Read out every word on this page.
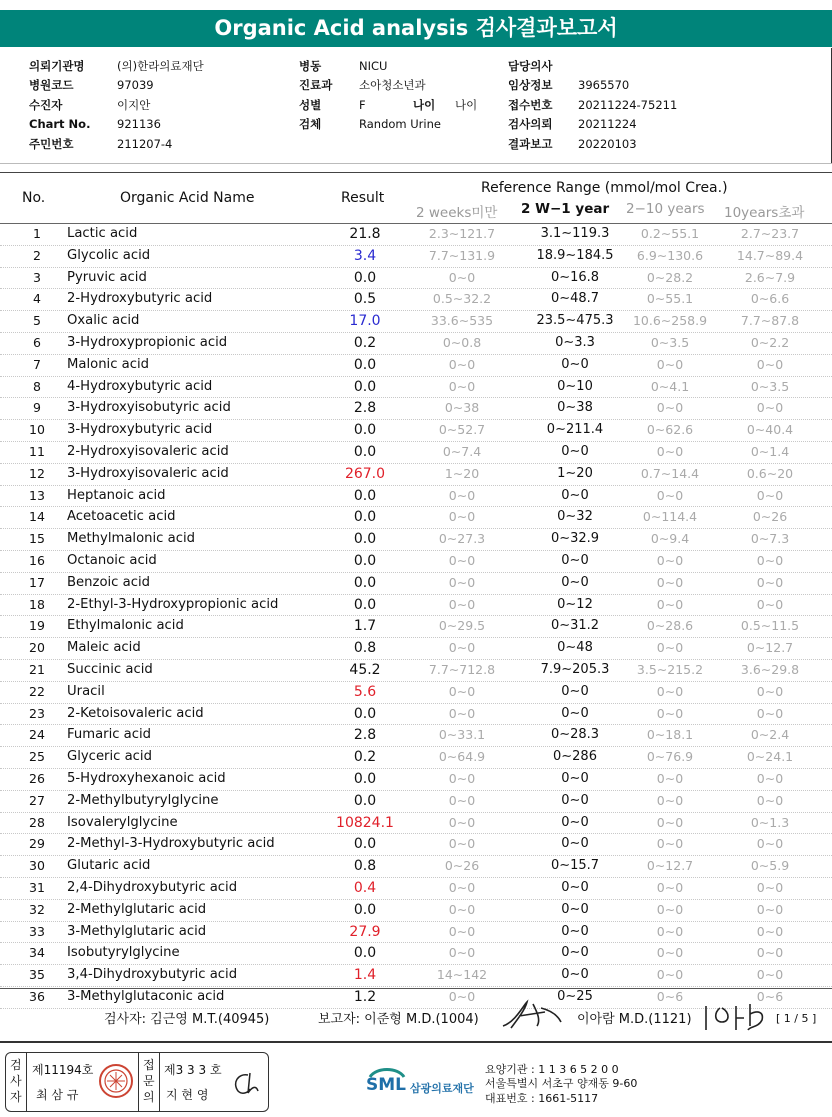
Organic Acid analysis 검사결과보고서
의뢰기관명	(의)한라의료재단
병원코드	97039
수진자	이지안
Chart No.	921136
주민번호	211207-4
병동	NICU
진료과	소아청소년과
성별	F	나이	나이
검체	Random Urine
담당의사
임상정보	3965570
접수번호	20211224-75211
검사의뢰	20211224
결과보고	20220103
No.	Organic Acid Name	Result
Reference Range (mmol/mol Crea.)
2 weeks미만 2 W−1 year 2−10 years 10years초과
1	Lactic acid	21.8	2.3∼121.7	3.1∼119.3	0.2∼55.1	2.7∼23.7
2	Glycolic acid	3.4	7.7∼131.9	18.9∼184.5	6.9∼130.6	14.7∼89.4
3	Pyruvic acid	0.0	0∼0	0∼16.8	0∼28.2	2.6∼7.9
4	2-Hydroxybutyric acid	0.5	0.5∼32.2	0∼48.7	0∼55.1	0∼6.6
5	Oxalic acid	17.0	33.6∼535	23.5∼475.3	10.6∼258.9	7.7∼87.8
6	3-Hydroxypropionic acid	0.2	0∼0.8	0∼3.3	0∼3.5	0∼2.2
7	Malonic acid	0.0	0∼0	0∼0	0∼0	0∼0
8	4-Hydroxybutyric acid	0.0	0∼0	0∼10	0∼4.1	0∼3.5
9	3-Hydroxyisobutyric acid	2.8	0∼38	0∼38	0∼0	0∼0
10 3-Hydroxybutyric acid	0.0	0∼52.7	0∼211.4	0∼62.6	0∼40.4
11 2-Hydroxyisovaleric acid	0.0	0∼7.4	0∼0	0∼0	0∼1.4
12 3-Hydroxyisovaleric acid	267.0	1∼20	1∼20	0.7∼14.4	0.6∼20
13 Heptanoic acid	0.0	0∼0	0∼0	0∼0	0∼0
14 Acetoacetic acid	0.0	0∼0	0∼32	0∼114.4	0∼26
15 Methylmalonic acid	0.0	0∼27.3	0∼32.9	0∼9.4	0∼7.3
16 Octanoic acid	0.0	0∼0	0∼0	0∼0	0∼0
17 Benzoic acid	0.0	0∼0	0∼0	0∼0	0∼0
18 2-Ethyl-3-Hydroxypropionic acid	0.0	0∼0	0∼12	0∼0	0∼0
19 Ethylmalonic acid	1.7	0∼29.5	0∼31.2	0∼28.6	0.5∼11.5
20 Maleic acid	0.8	0∼0	0∼48	0∼0	0∼12.7
21 Succinic acid	45.2	7.7∼712.8	7.9∼205.3	3.5∼215.2	3.6∼29.8
22 Uracil	5.6	0∼0	0∼0	0∼0	0∼0
23 2-Ketoisovaleric acid	0.0	0∼0	0∼0	0∼0	0∼0
24 Fumaric acid	2.8	0∼33.1	0∼28.3	0∼18.1	0∼2.4
25 Glyceric acid	0.2	0∼64.9	0∼286	0∼76.9	0∼24.1
26 5-Hydroxyhexanoic acid	0.0	0∼0	0∼0	0∼0	0∼0
27 2-Methylbutyrylglycine	0.0	0∼0	0∼0	0∼0	0∼0
28 Isovalerylglycine	10824.1	0∼0	0∼0	0∼0	0∼1.3
29 2-Methyl-3-Hydroxybutyric acid	0.0	0∼0	0∼0	0∼0	0∼0
30 Glutaric acid	0.8	0∼26	0∼15.7	0∼12.7	0∼5.9
31 2,4-Dihydroxybutyric acid	0.4	0∼0	0∼0	0∼0	0∼0
32 2-Methylglutaric acid	0.0	0∼0	0∼0	0∼0	0∼0
33 3-Methylglutaric acid	27.9	0∼0	0∼0	0∼0	0∼0
34 Isobutyrylglycine	0.0	0∼0	0∼0	0∼0	0∼0
35 3,4-Dihydroxybutyric acid	1.4	14∼142	0∼0	0∼0	0∼0
36 3-Methylglutaconic acid	1.2	0∼0	0∼25	0∼6	0∼6
검사자: 김근영 M.T.(40945)	보고자: 이준형 M.D.(1004)	이아람 M.D.(1121)	[ 1 / 5 ]
검사자
제11194호
최 삼 규
접문의
제3 3 3 호
지 현 영	SML 삼광의료재단
요양기관 : 1 1 3 6 5 2 0 0
서울특별시 서초구 양재동 9-60
대표번호 : 1661-5117
